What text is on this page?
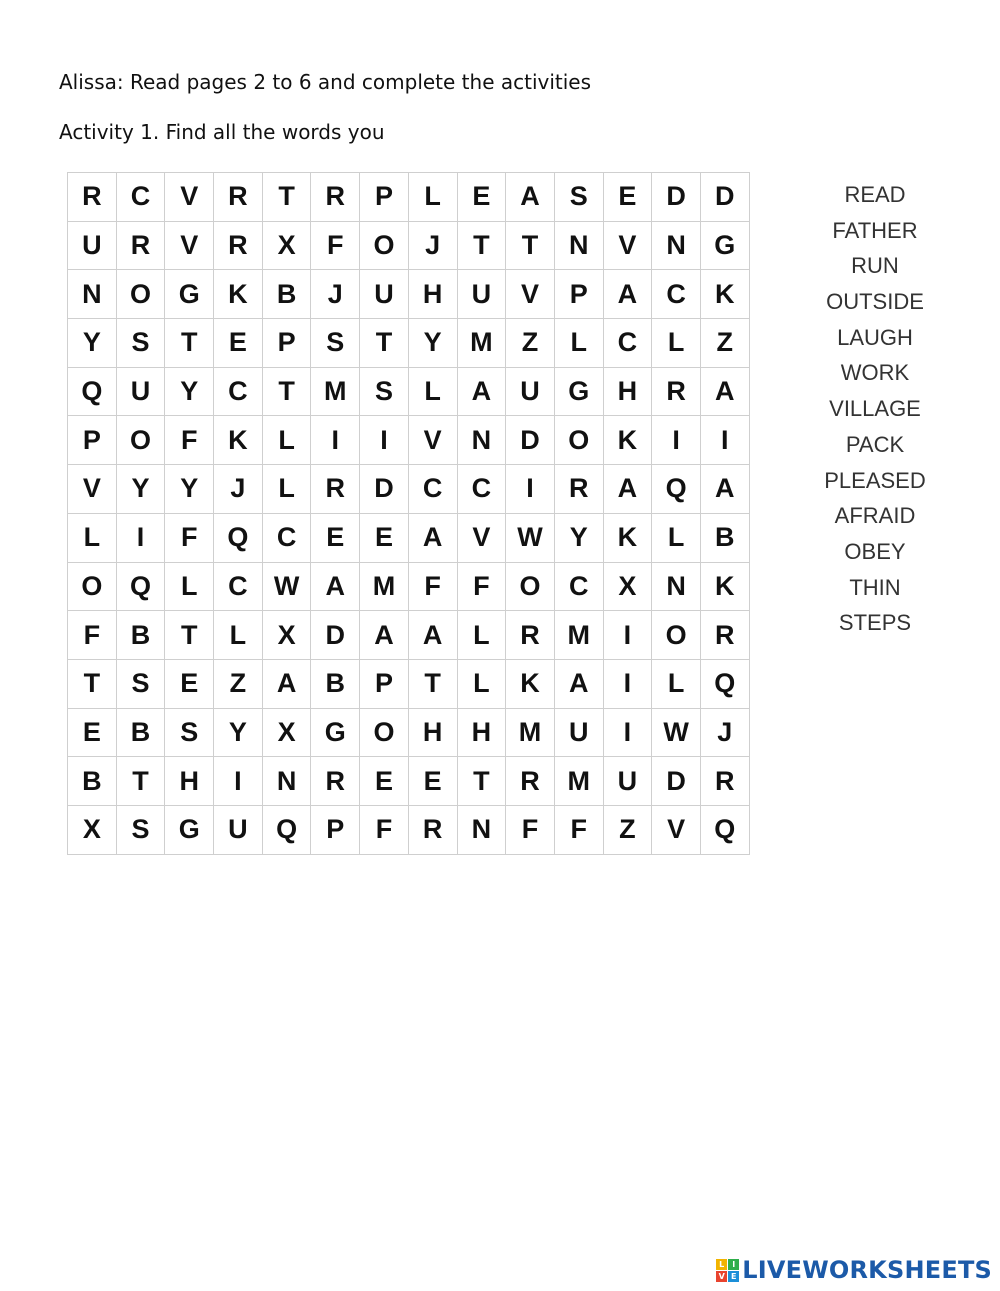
Alissa: Read pages 2 to 6 and complete the activities
Activity 1. Find all the words you
R	C	V	R	T	R	P	L	E	A	S	E	D	D
U	R	V	R	X	F	O	J	T	T	N	V	N	G
N	O	G	K	B	J	U	H	U	V	P	A	C	K
Y	S	T	E	P	S	T	Y	M	Z	L	C	L	Z
Q	U	Y	C	T	M	S	L	A	U	G	H	R	A
P	O	F	K	L	I	I	V	N	D	O	K	I	I
V	Y	Y	J	L	R	D	C	C	I	R	A	Q	A
L	I	F	Q	C	E	E	A	V	W	Y	K	L	B
O	Q	L	C	W	A	M	F	F	O	C	X	N	K
F	B	T	L	X	D	A	A	L	R	M	I	O	R
T	S	E	Z	A	B	P	T	L	K	A	I	L	Q
E	B	S	Y	X	G	O	H	H	M	U	I	W	J
B	T	H	I	N	R	E	E	T	R	M	U	D	R
X	S	G	U	Q	P	F	R	N	F	F	Z	V	Q
READ
FATHER
RUN
OUTSIDE
LAUGH
WORK
VILLAGE
PACK
PLEASED
AFRAID
OBEY
THIN
STEPS
L I
V E LIVEWORKSHEETS
